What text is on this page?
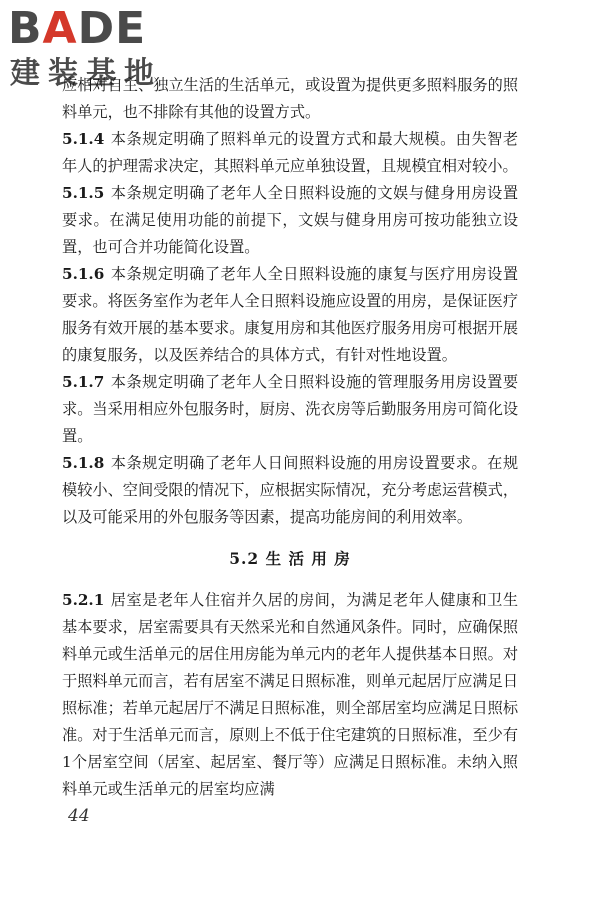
BADE
建装基地

应相对自主、独立生活的生活单元，或设置为提供更多照料服务的照料单元，也不排除有其他的设置方式。

5.1.4 本条规定明确了照料单元的设置方式和最大规模。由失智老年人的护理需求决定，其照料单元应单独设置，且规模宜相对较小。

5.1.5 本条规定明确了老年人全日照料设施的文娱与健身用房设置要求。在满足使用功能的前提下，文娱与健身用房可按功能独立设置，也可合并功能简化设置。

5.1.6 本条规定明确了老年人全日照料设施的康复与医疗用房设置要求。将医务室作为老年人全日照料设施应设置的用房，是保证医疗服务有效开展的基本要求。康复用房和其他医疗服务用房可根据开展的康复服务，以及医养结合的具体方式，有针对性地设置。

5.1.7 本条规定明确了老年人全日照料设施的管理服务用房设置要求。当采用相应外包服务时，厨房、洗衣房等后勤服务用房可简化设置。

5.1.8 本条规定明确了老年人日间照料设施的用房设置要求。在规模较小、空间受限的情况下，应根据实际情况，充分考虑运营模式，以及可能采用的外包服务等因素，提高功能房间的利用效率。

5.2 生 活 用 房

5.2.1 居室是老年人住宿并久居的房间，为满足老年人健康和卫生基本要求，居室需要具有天然采光和自然通风条件。同时，应确保照料单元或生活单元的居住用房能为单元内的老年人提供基本日照。对于照料单元而言，若有居室不满足日照标准，则单元起居厅应满足日照标准；若单元起居厅不满足日照标准，则全部居室均应满足日照标准。对于生活单元而言，原则上不低于住宅建筑的日照标准，至少有1个居室空间（居室、起居室、餐厅等）应满足日照标准。未纳入照料单元或生活单元的居室均应满

44
